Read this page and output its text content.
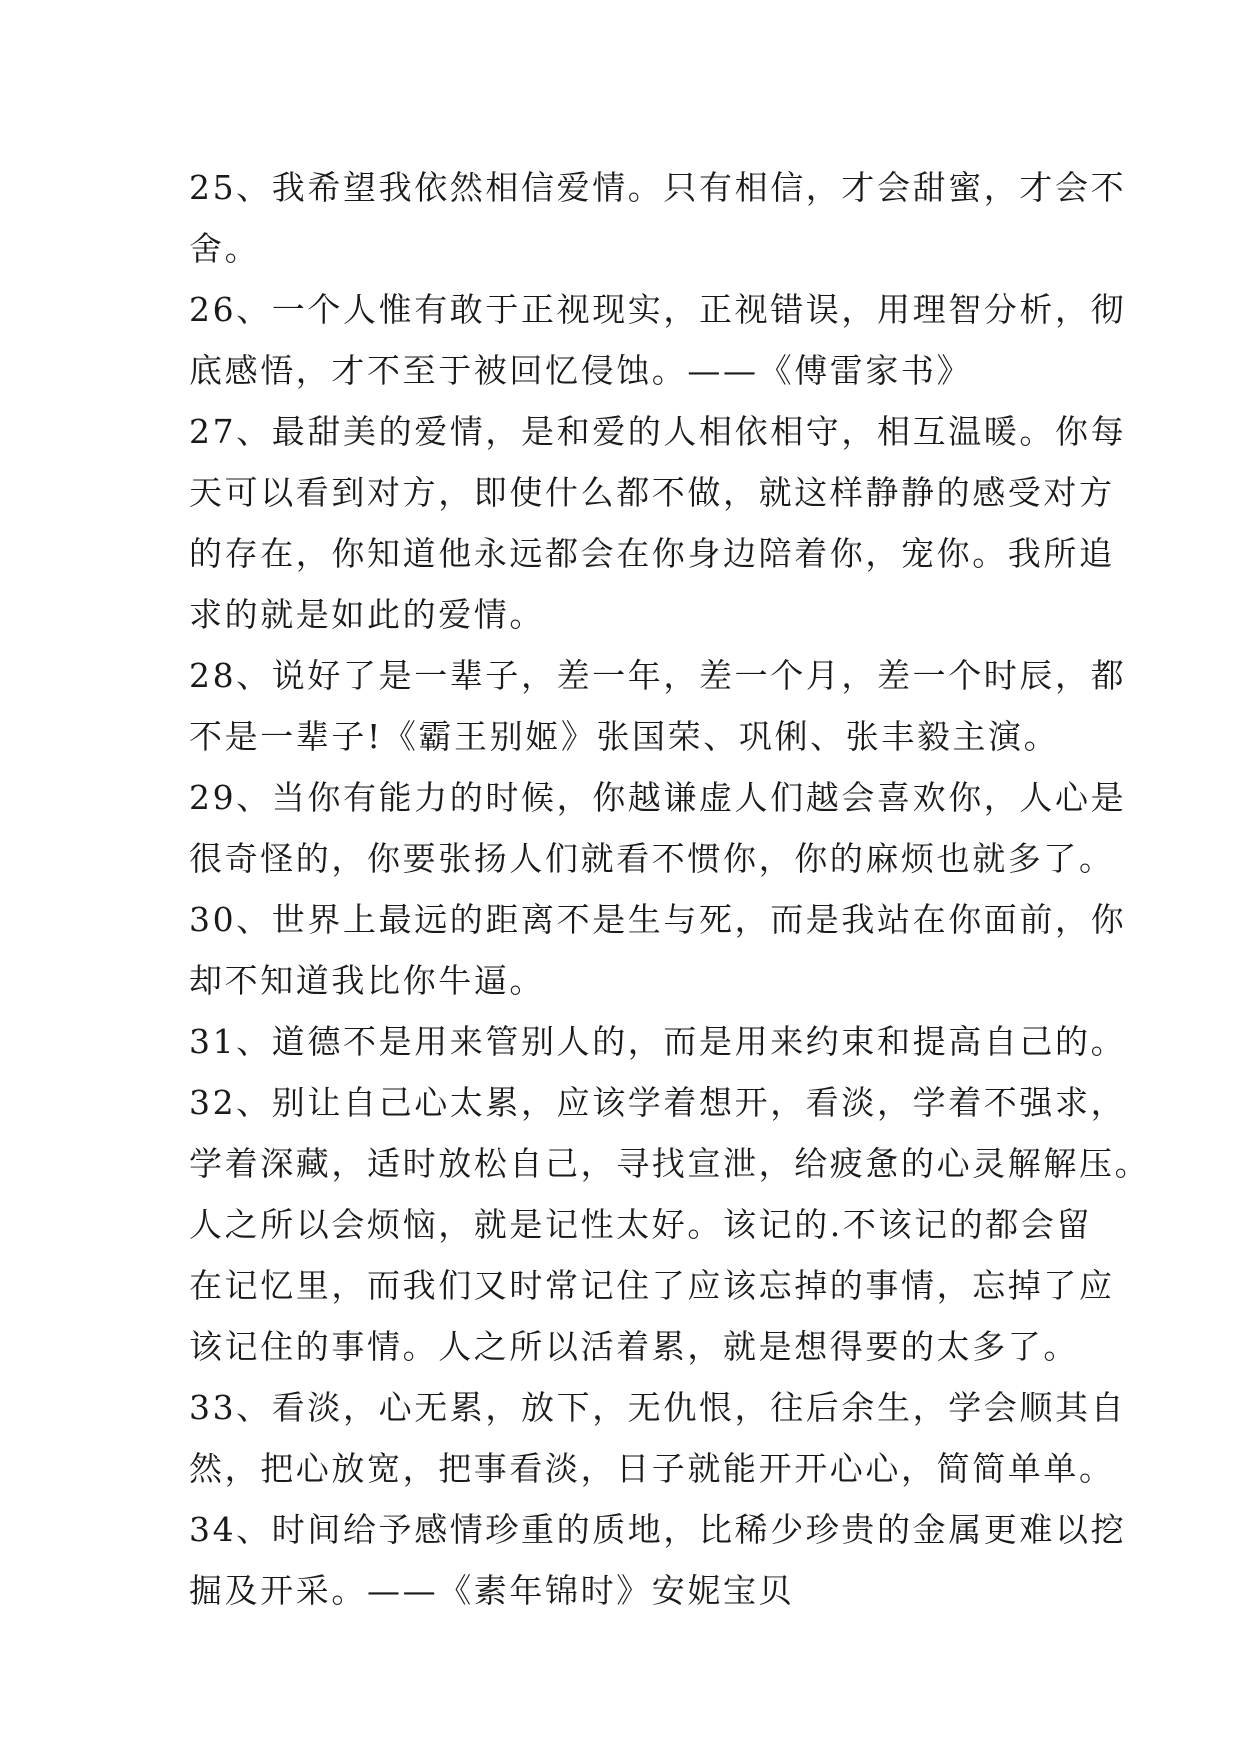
25、我希望我依然相信爱情。只有相信，才会甜蜜，才会不
舍。
26、一个人惟有敢于正视现实，正视错误，用理智分析，彻
底感悟，才不至于被回忆侵蚀。——《傅雷家书》
27、最甜美的爱情，是和爱的人相依相守，相互温暖。你每
天可以看到对方，即使什么都不做，就这样静静的感受对方
的存在，你知道他永远都会在你身边陪着你，宠你。我所追
求的就是如此的爱情。
28、说好了是一辈子，差一年，差一个月，差一个时辰，都
不是一辈子!《霸王别姬》张国荣、巩俐、张丰毅主演。
29、当你有能力的时候，你越谦虚人们越会喜欢你，人心是
很奇怪的，你要张扬人们就看不惯你，你的麻烦也就多了。
30、世界上最远的距离不是生与死，而是我站在你面前，你
却不知道我比你牛逼。
31、道德不是用来管别人的，而是用来约束和提高自己的。
32、别让自己心太累，应该学着想开，看淡，学着不强求，
学着深藏，适时放松自己，寻找宣泄，给疲惫的心灵解解压。
人之所以会烦恼，就是记性太好。该记的.不该记的都会留
在记忆里，而我们又时常记住了应该忘掉的事情，忘掉了应
该记住的事情。人之所以活着累，就是想得要的太多了。
33、看淡，心无累，放下，无仇恨，往后余生，学会顺其自
然，把心放宽，把事看淡，日子就能开开心心，简简单单。
34、时间给予感情珍重的质地，比稀少珍贵的金属更难以挖
掘及开采。——《素年锦时》安妮宝贝
